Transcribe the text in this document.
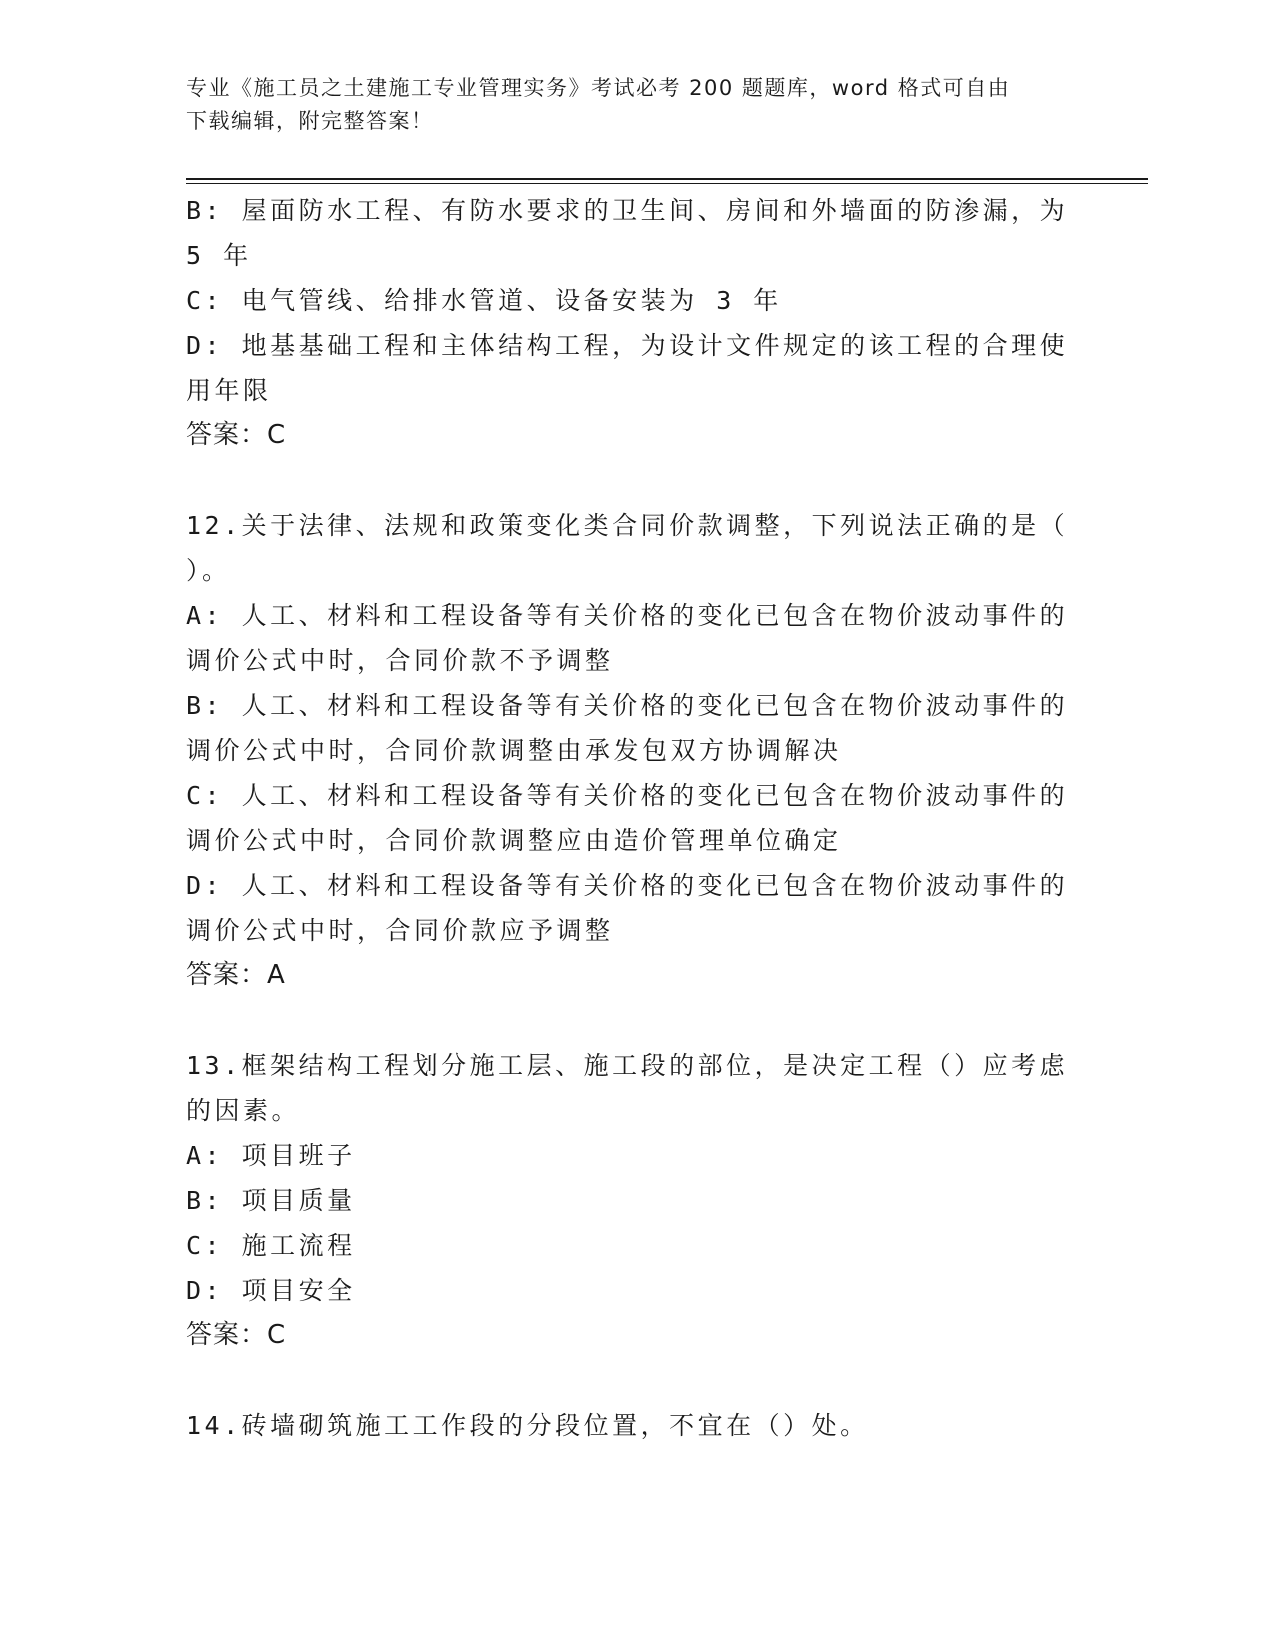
专业《施工员之土建施工专业管理实务》考试必考 200 题题库，word 格式可自由
下载编辑，附完整答案！
B: 屋面防水工程、有防水要求的卫生间、房间和外墙面的防渗漏，为
5 年
C: 电气管线、给排水管道、设备安装为 3 年
D: 地基基础工程和主体结构工程，为设计文件规定的该工程的合理使
用年限
答案：C
12.关于法律、法规和政策变化类合同价款调整，下列说法正确的是（
）。
A: 人工、材料和工程设备等有关价格的变化已包含在物价波动事件的
调价公式中时，合同价款不予调整
B: 人工、材料和工程设备等有关价格的变化已包含在物价波动事件的
调价公式中时，合同价款调整由承发包双方协调解决
C: 人工、材料和工程设备等有关价格的变化已包含在物价波动事件的
调价公式中时，合同价款调整应由造价管理单位确定
D: 人工、材料和工程设备等有关价格的变化已包含在物价波动事件的
调价公式中时，合同价款应予调整
答案：A
13.框架结构工程划分施工层、施工段的部位，是决定工程（）应考虑
的因素。
A: 项目班子
B: 项目质量
C: 施工流程
D: 项目安全
答案：C
14.砖墙砌筑施工工作段的分段位置，不宜在（）处。
